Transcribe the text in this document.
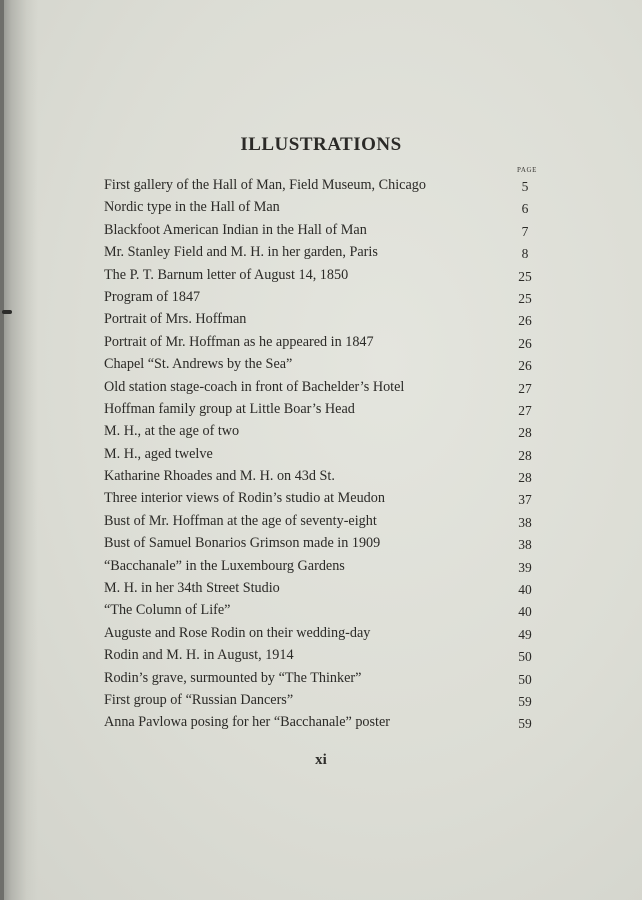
ILLUSTRATIONS
PAGE
First gallery of the Hall of Man, Field Museum, Chicago	5
Nordic type in the Hall of Man	6
Blackfoot American Indian in the Hall of Man	7
Mr. Stanley Field and M. H. in her garden, Paris	8
The P. T. Barnum letter of August 14, 1850	25
Program of 1847	25
Portrait of Mrs. Hoffman	26
Portrait of Mr. Hoffman as he appeared in 1847	26
Chapel “St. Andrews by the Sea”	26
Old station stage-coach in front of Bachelder’s Hotel	27
Hoffman family group at Little Boar’s Head	27
M. H., at the age of two	28
M. H., aged twelve	28
Katharine Rhoades and M. H. on 43d St.	28
Three interior views of Rodin’s studio at Meudon	37
Bust of Mr. Hoffman at the age of seventy-eight	38
Bust of Samuel Bonarios Grimson made in 1909	38
“Bacchanale” in the Luxembourg Gardens	39
M. H. in her 34th Street Studio	40
“The Column of Life”	40
Auguste and Rose Rodin on their wedding-day	49
Rodin and M. H. in August, 1914	50
Rodin’s grave, surmounted by “The Thinker”	50
First group of “Russian Dancers”	59
Anna Pavlowa posing for her “Bacchanale” poster	59
xi
